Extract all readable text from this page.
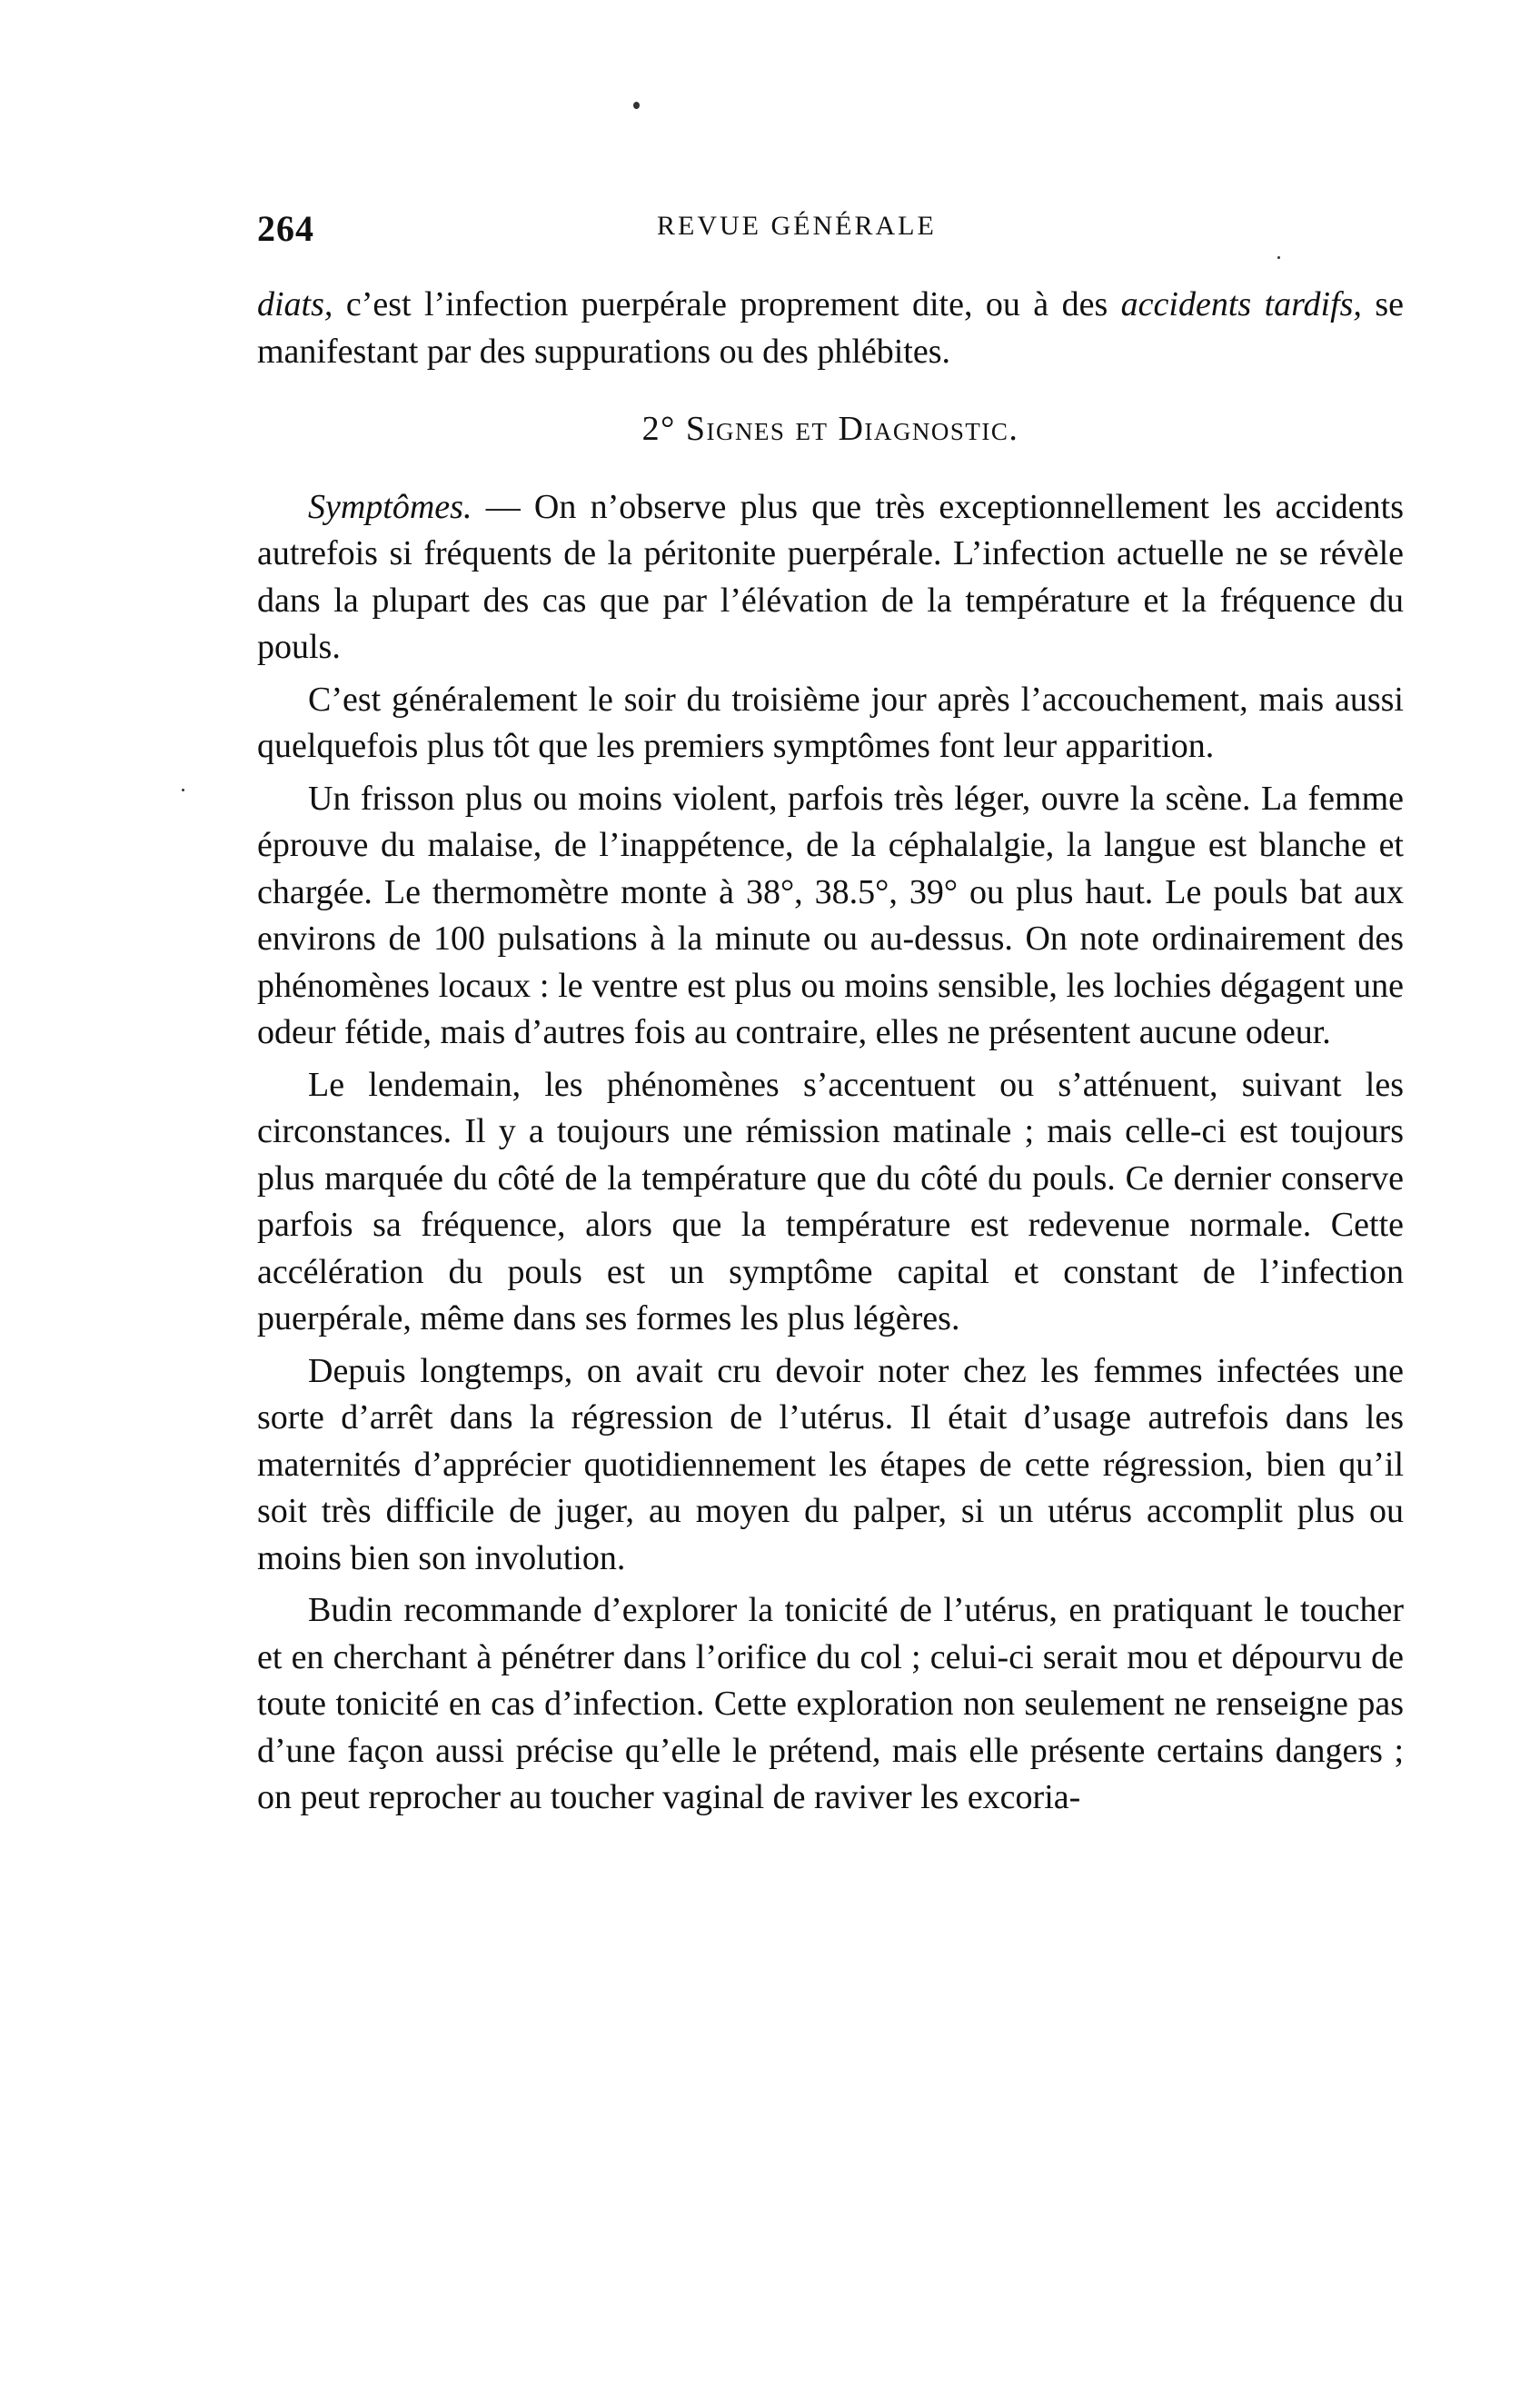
264	REVUE GÉNÉRALE

diats, c’est l’infection puerpérale proprement dite, ou à des accidents tardifs, se manifestant par des suppurations ou des phlébites.

2° Signes et Diagnostic.

Symptômes. — On n’observe plus que très exceptionnellement les accidents autrefois si fréquents de la péritonite puerpérale. L’infection actuelle ne se révèle dans la plupart des cas que par l’élévation de la température et la fréquence du pouls.

C’est généralement le soir du troisième jour après l’accouchement, mais aussi quelquefois plus tôt que les premiers symptômes font leur apparition.

Un frisson plus ou moins violent, parfois très léger, ouvre la scène. La femme éprouve du malaise, de l’inappétence, de la céphalalgie, la langue est blanche et chargée. Le thermomètre monte à 38°, 38.5°, 39° ou plus haut. Le pouls bat aux environs de 100 pulsations à la minute ou au-dessus. On note ordinairement des phénomènes locaux : le ventre est plus ou moins sensible, les lochies dégagent une odeur fétide, mais d’autres fois au contraire, elles ne présentent aucune odeur.

Le lendemain, les phénomènes s’accentuent ou s’atténuent, suivant les circonstances. Il y a toujours une rémission matinale ; mais celle-ci est toujours plus marquée du côté de la température que du côté du pouls. Ce dernier conserve parfois sa fréquence, alors que la température est redevenue normale. Cette accélération du pouls est un symptôme capital et constant de l’infection puerpérale, même dans ses formes les plus légères.

Depuis longtemps, on avait cru devoir noter chez les femmes infectées une sorte d’arrêt dans la régression de l’utérus. Il était d’usage autrefois dans les maternités d’apprécier quotidiennement les étapes de cette régression, bien qu’il soit très difficile de juger, au moyen du palper, si un utérus accomplit plus ou moins bien son involution.

Budin recommande d’explorer la tonicité de l’utérus, en pratiquant le toucher et en cherchant à pénétrer dans l’orifice du col ; celui-ci serait mou et dépourvu de toute tonicité en cas d’infection. Cette exploration non seulement ne renseigne pas d’une façon aussi précise qu’elle le prétend, mais elle présente certains dangers ; on peut reprocher au toucher vaginal de raviver les excoria-
